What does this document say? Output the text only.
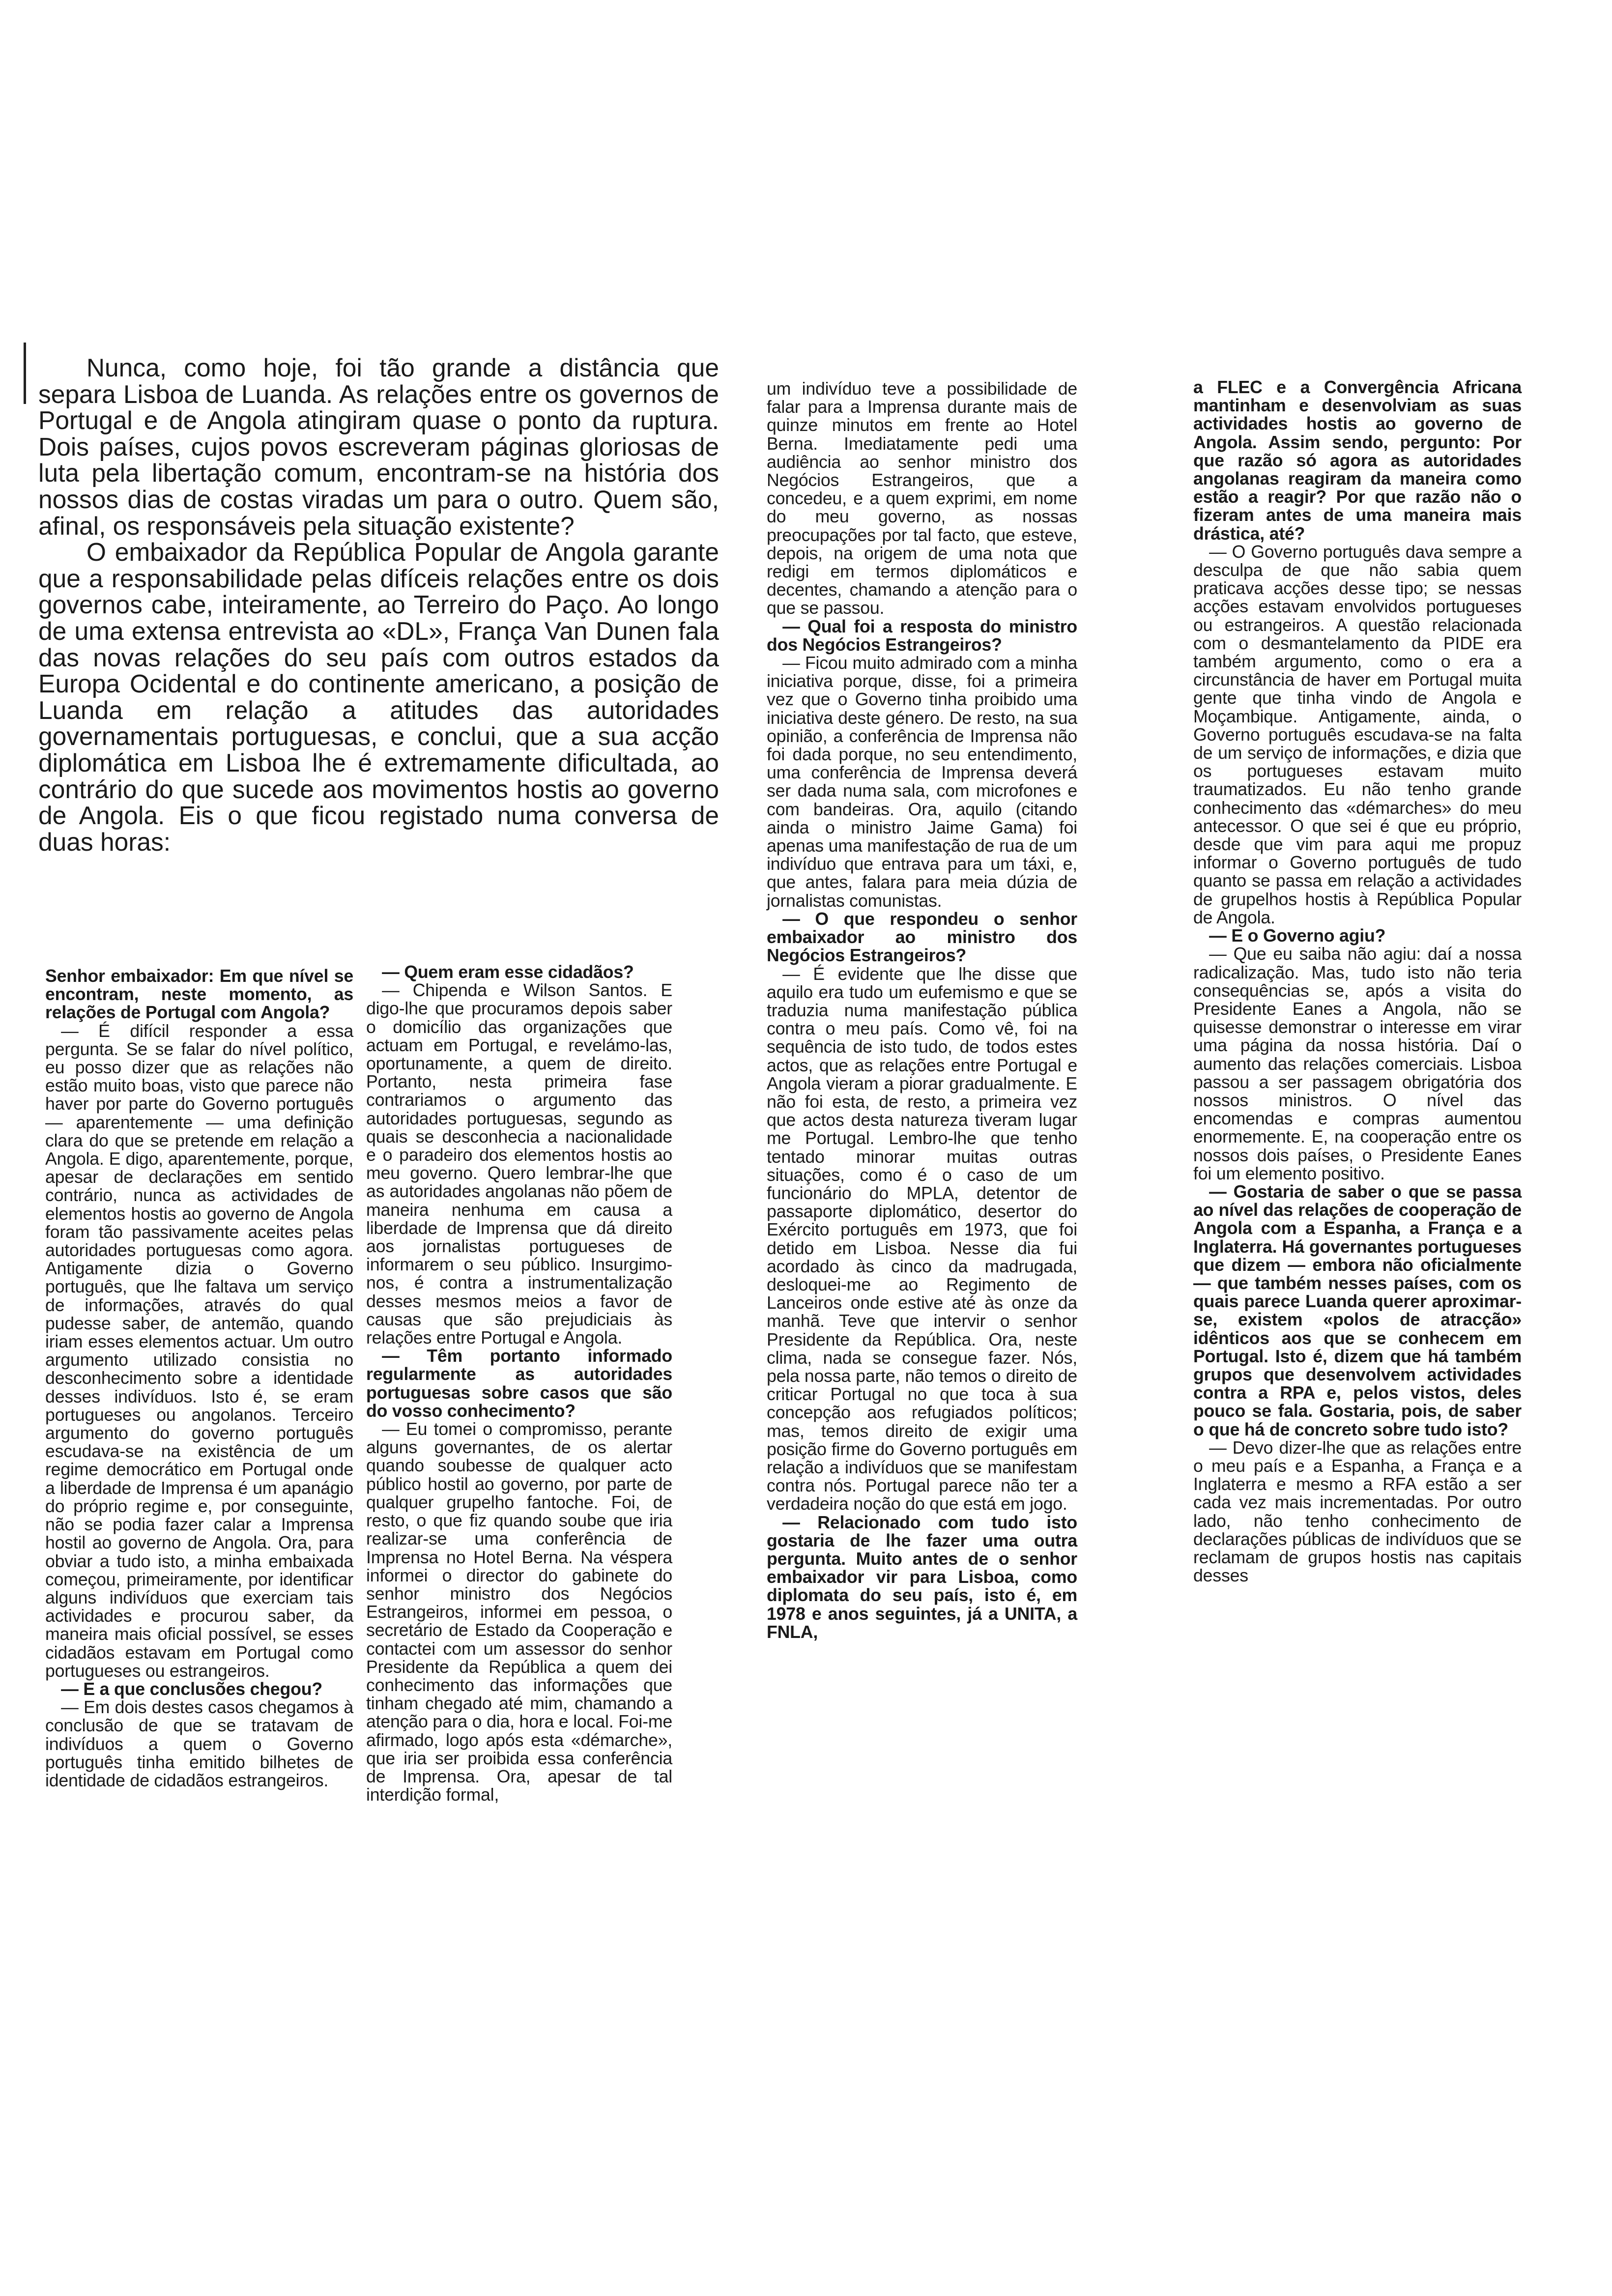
Nunca, como hoje, foi tão grande a distância que separa Lisboa de Luanda. As relações entre os governos de Portugal e de Angola atingiram quase o ponto da ruptura. Dois países, cujos povos escreveram páginas gloriosas de luta pela libertação comum, encontram-se na história dos nossos dias de costas viradas um para o outro. Quem são, afinal, os responsáveis pela situação existente?

O embaixador da República Popular de Angola garante que a responsabilidade pelas difíceis relações entre os dois governos cabe, inteiramente, ao Terreiro do Paço. Ao longo de uma extensa entrevista ao «DL», França Van Dunen fala das novas relações do seu país com outros estados da Europa Ocidental e do continente americano, a posição de Luanda em relação a atitudes das autoridades governamentais portuguesas, e conclui, que a sua acção diplomática em Lisboa lhe é extremamente dificultada, ao contrário do que sucede aos movimentos hostis ao governo de Angola. Eis o que ficou registado numa conversa de duas horas:

Senhor embaixador: Em que nível se encontram, neste momento, as relações de Portugal com Angola?

— É difícil responder a essa pergunta. Se se falar do nível político, eu posso dizer que as relações não estão muito boas, visto que parece não haver por parte do Governo português — aparentemente — uma definição clara do que se pretende em relação a Angola. E digo, aparentemente, porque, apesar de declarações em sentido contrário, nunca as actividades de elementos hostis ao governo de Angola foram tão passivamente aceites pelas autoridades portuguesas como agora. Antigamente dizia o Governo português, que lhe faltava um serviço de informações, através do qual pudesse saber, de antemão, quando iriam esses elementos actuar. Um outro argumento utilizado consistia no desconhecimento sobre a identidade desses indivíduos. Isto é, se eram portugueses ou angolanos. Terceiro argumento do governo português escudava-se na existência de um regime democrático em Portugal onde a liberdade de Imprensa é um apanágio do próprio regime e, por conseguinte, não se podia fazer calar a Imprensa hostil ao governo de Angola. Ora, para obviar a tudo isto, a minha embaixada começou, primeiramente, por identificar alguns indivíduos que exerciam tais actividades e procurou saber, da maneira mais oficial possível, se esses cidadãos estavam em Portugal como portugueses ou estrangeiros.

— E a que conclusões chegou?

— Em dois destes casos chegamos à conclusão de que se tratavam de indivíduos a quem o Governo português tinha emitido bilhetes de identidade de cidadãos estrangeiros.

— Quem eram esse cidadãos?

— Chipenda e Wilson Santos. E digo-lhe que procuramos depois saber o domicílio das organizações que actuam em Portugal, e revelámo-las, oportunamente, a quem de direito. Portanto, nesta primeira fase contrariamos o argumento das autoridades portuguesas, segundo as quais se desconhecia a nacionalidade e o paradeiro dos elementos hostis ao meu governo. Quero lembrar-lhe que as autoridades angolanas não põem de maneira nenhuma em causa a liberdade de Imprensa que dá direito aos jornalistas portugueses de informarem o seu público. Insurgimo-nos, é contra a instrumentalização desses mesmos meios a favor de causas que são prejudiciais às relações entre Portugal e Angola.

— Têm portanto informado regularmente as autoridades portuguesas sobre casos que são do vosso conhecimento?

— Eu tomei o compromisso, perante alguns governantes, de os alertar quando soubesse de qualquer acto público hostil ao governo, por parte de qualquer grupelho fantoche. Foi, de resto, o que fiz quando soube que iria realizar-se uma conferência de Imprensa no Hotel Berna. Na véspera informei o director do gabinete do senhor ministro dos Negócios Estrangeiros, informei em pessoa, o secretário de Estado da Cooperação e contactei com um assessor do senhor Presidente da República a quem dei conhecimento das informações que tinham chegado até mim, chamando a atenção para o dia, hora e local. Foi-me afirmado, logo após esta «démarche», que iria ser proibida essa conferência de Imprensa. Ora, apesar de tal interdição formal,

um indivíduo teve a possibilidade de falar para a Imprensa durante mais de quinze minutos em frente ao Hotel Berna. Imediatamente pedi uma audiência ao senhor ministro dos Negócios Estrangeiros, que a concedeu, e a quem exprimi, em nome do meu governo, as nossas preocupações por tal facto, que esteve, depois, na origem de uma nota que redigi em termos diplomáticos e decentes, chamando a atenção para o que se passou.

— Qual foi a resposta do ministro dos Negócios Estrangeiros?

— Ficou muito admirado com a minha iniciativa porque, disse, foi a primeira vez que o Governo tinha proibido uma iniciativa deste género. De resto, na sua opinião, a conferência de Imprensa não foi dada porque, no seu entendimento, uma conferência de Imprensa deverá ser dada numa sala, com microfones e com bandeiras. Ora, aquilo (citando ainda o ministro Jaime Gama) foi apenas uma manifestação de rua de um indivíduo que entrava para um táxi, e, que antes, falara para meia dúzia de jornalistas comunistas.

— O que respondeu o senhor embaixador ao ministro dos Negócios Estrangeiros?

— É evidente que lhe disse que aquilo era tudo um eufemismo e que se traduzia numa manifestação pública contra o meu país. Como vê, foi na sequência de isto tudo, de todos estes actos, que as relações entre Portugal e Angola vieram a piorar gradualmente. E não foi esta, de resto, a primeira vez que actos desta natureza tiveram lugar me Portugal. Lembro-lhe que tenho tentado minorar muitas outras situações, como é o caso de um funcionário do MPLA, detentor de passaporte diplomático, desertor do Exército português em 1973, que foi detido em Lisboa. Nesse dia fui acordado às cinco da madrugada, desloquei-me ao Regimento de Lanceiros onde estive até às onze da manhã. Teve que intervir o senhor Presidente da República. Ora, neste clima, nada se consegue fazer. Nós, pela nossa parte, não temos o direito de criticar Portugal no que toca à sua concepção aos refugiados políticos; mas, temos direito de exigir uma posição firme do Governo português em relação a indivíduos que se manifestam contra nós. Portugal parece não ter a verdadeira noção do que está em jogo.

— Relacionado com tudo isto gostaria de lhe fazer uma outra pergunta. Muito antes de o senhor embaixador vir para Lisboa, como diplomata do seu país, isto é, em 1978 e anos seguintes, já a UNITA, a FNLA,

a FLEC e a Convergência Africana mantinham e desenvolviam as suas actividades hostis ao governo de Angola. Assim sendo, pergunto: Por que razão só agora as autoridades angolanas reagiram da maneira como estão a reagir? Por que razão não o fizeram antes de uma maneira mais drástica, até?

— O Governo português dava sempre a desculpa de que não sabia quem praticava acções desse tipo; se nessas acções estavam envolvidos portugueses ou estrangeiros. A questão relacionada com o desmantelamento da PIDE era também argumento, como o era a circunstância de haver em Portugal muita gente que tinha vindo de Angola e Moçambique. Antigamente, ainda, o Governo português escudava-se na falta de um serviço de informações, e dizia que os portugueses estavam muito traumatizados. Eu não tenho grande conhecimento das «démarches» do meu antecessor. O que sei é que eu próprio, desde que vim para aqui me propuz informar o Governo português de tudo quanto se passa em relação a actividades de grupelhos hostis à República Popular de Angola.

— E o Governo agiu?

— Que eu saiba não agiu: daí a nossa radicalização. Mas, tudo isto não teria consequências se, após a visita do Presidente Eanes a Angola, não se quisesse demonstrar o interesse em virar uma página da nossa história. Daí o aumento das relações comerciais. Lisboa passou a ser passagem obrigatória dos nossos ministros. O nível das encomendas e compras aumentou enormemente. E, na cooperação entre os nossos dois países, o Presidente Eanes foi um elemento positivo.

— Gostaria de saber o que se passa ao nível das relações de cooperação de Angola com a Espanha, a França e a Inglaterra. Há governantes portugueses que dizem — embora não oficialmente — que também nesses países, com os quais parece Luanda querer aproximar-se, existem «polos de atracção» idênticos aos que se conhecem em Portugal. Isto é, dizem que há também grupos que desenvolvem actividades contra a RPA e, pelos vistos, deles pouco se fala. Gostaria, pois, de saber o que há de concreto sobre tudo isto?

— Devo dizer-lhe que as relações entre o meu país e a Espanha, a França e a Inglaterra e mesmo a RFA estão a ser cada vez mais incrementadas. Por outro lado, não tenho conhecimento de declarações públicas de indivíduos que se reclamam de grupos hostis nas capitais desses
